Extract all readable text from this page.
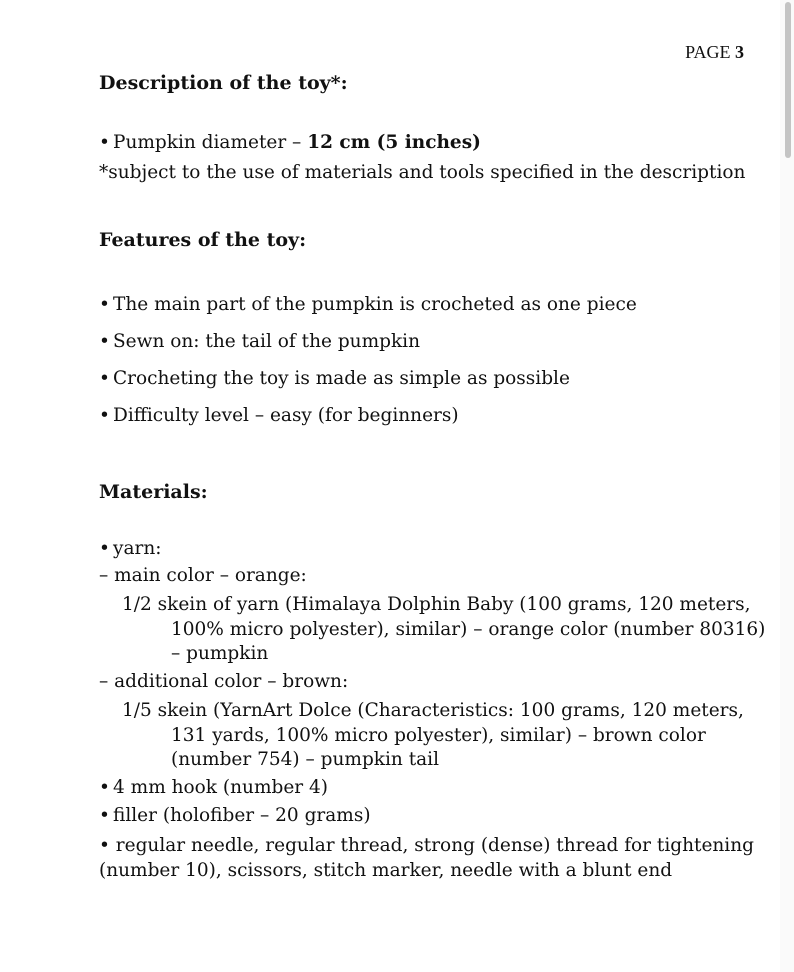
PAGE 3
Description of the toy*:
• Pumpkin diameter – 12 cm (5 inches)
*subject to the use of materials and tools specified in the description
Features of the toy:
• The main part of the pumpkin is crocheted as one piece
• Sewn on: the tail of the pumpkin
• Crocheting the toy is made as simple as possible
• Difficulty level – easy (for beginners)
Materials:
• yarn:
– main color – orange:
1/2 skein of yarn (Himalaya Dolphin Baby (100 grams, 120 meters,
100% micro polyester), similar) – orange color (number 80316)
– pumpkin
– additional color – brown:
1/5 skein (YarnArt Dolce (Characteristics: 100 grams, 120 meters,
131 yards, 100% micro polyester), similar) – brown color
(number 754) – pumpkin tail
• 4 mm hook (number 4)
• filler (holofiber – 20 grams)
• regular needle, regular thread, strong (dense) thread for tightening
(number 10), scissors, stitch marker, needle with a blunt end
